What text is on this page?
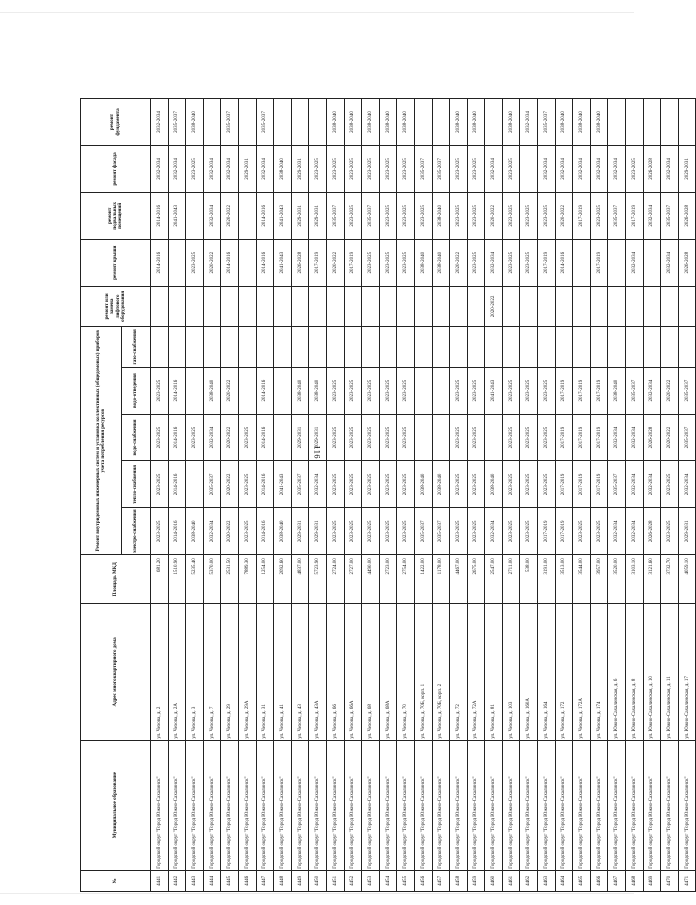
116
№	Муниципальное образование	Адрес многоквартирного дома	Площадь МКД	Ремонт внутридомовых инженерных систем и установка коллективных (общедомовых) приборов учета потребления ресурсов					ремонт или замена лифтового оборудования	ремонт крыши	ремонт подвальных помещений	ремонт фасада	ремонт фундамента
				электро-снабжения	тепло-снабжения	водо-снабжения	водо-отведения	газо-снабжения					
4441	Городской округ "Город Южно-Сахалинск"	ул. Чехова, д. 2	681.20	2023-2025	2023-2025	2023-2025	2023-2025			2014-2016	2014-2016	2032-2034	2032-2034
4442	Городской округ "Город Южно-Сахалинск"	ул. Чехова, д. 2А	1510.90	2014-2016	2014-2016	2014-2016	2014-2016				2041-2043	2032-2034	2035-2037
4443	Городской округ "Город Южно-Сахалинск"	ул. Чехова, д. 3	5235.40	2038-2040		2023-2025				2023-2025		2023-2025	2038-2040
4444	Городской округ "Город Южно-Сахалинск"	ул. Чехова, д. 7	5370.00	2032-2034	2035-2037	2032-2034	2038-2040			2020-2022	2032-2034	2032-2034	
4445	Городской округ "Город Южно-Сахалинск"	ул. Чехова, д. 29	2531.50	2020-2022	2020-2022	2020-2022	2020-2022			2014-2016	2020-2022	2032-2034	2035-2037
4446	Городской округ "Город Южно-Сахалинск"	ул. Чехова, д. 29А	7889.30	2023-2025	2023-2025	2023-2025						2029-2031	
4447	Городской округ "Город Южно-Сахалинск"	ул. Чехова, д. 31	1254.00	2014-2016	2014-2016	2014-2016	2014-2016			2014-2016	2014-2016	2032-2034	2035-2037
4448	Городской округ "Город Южно-Сахалинск"	ул. Чехова, д. 41	2092.60	2038-2040	2041-2043					2041-2043	2041-2043	2038-2040	
4449	Городской округ "Город Южно-Сахалинск"	ул. Чехова, д. 43	4837.00	2029-2031	2035-2037	2029-2031	2038-2040			2026-2028	2029-2031	2029-2031	
4450	Городской округ "Город Южно-Сахалинск"	ул. Чехова, д. 43А	5723.90	2029-2031	2032-2034	2029-2031	2038-2040			2017-2019	2029-2031	2023-2025	
4451	Городской округ "Город Южно-Сахалинск"	ул. Чехова, д. 66	2724.00	2023-2025	2023-2025	2023-2025	2023-2025			2020-2022	2035-2037	2023-2025	2038-2040
4452	Городской округ "Город Южно-Сахалинск"	ул. Чехова, д. 66А	2727.00	2023-2025	2023-2025	2023-2025	2023-2025			2017-2019	2023-2025	2023-2025	2038-2040
4453	Городской округ "Город Южно-Сахалинск"	ул. Чехова, д. 68	4490.00	2023-2025	2023-2025	2023-2025	2023-2025			2023-2025	2035-2037	2023-2025	2038-2040
4454	Городской округ "Город Южно-Сахалинск"	ул. Чехова, д. 68А	2723.00	2023-2025	2023-2025	2023-2025	2023-2025			2023-2025	2023-2025	2023-2025	2038-2040
4455	Городской округ "Город Южно-Сахалинск"	ул. Чехова, д. 70	2754.00	2023-2025	2023-2025	2023-2025	2023-2025			2023-2025	2023-2025	2023-2025	2038-2040
4456	Городской округ "Город Южно-Сахалинск"	ул. Чехова, д. 70Б, корп. 1	1422.00	2035-2037	2038-2040					2038-2040	2023-2025	2035-2037	
4457	Городской округ "Город Южно-Сахалинск"	ул. Чехова, д. 70Б, корп. 2	1178.00	2035-2037	2038-2040					2038-2040	2038-2040	2035-2037	
4458	Городской округ "Город Южно-Сахалинск"	ул. Чехова, д. 72	4467.00	2023-2025	2023-2025	2023-2025	2023-2025			2020-2022	2023-2025	2023-2025	2038-2040
4459	Городской округ "Город Южно-Сахалинск"	ул. Чехова, д. 72А	2675.00	2023-2025	2023-2025	2023-2025	2023-2025			2023-2025	2023-2025	2023-2025	2038-2040
4460	Городской округ "Город Южно-Сахалинск"	ул. Чехова, д. 81	2547.00	2032-2034	2038-2040		2041-2043		2020-2022	2032-2034	2020-2022	2032-2034	
4461	Городской округ "Город Южно-Сахалинск"	ул. Чехова, д. 103	2711.00	2023-2025	2023-2025	2023-2025	2023-2025			2023-2025	2023-2025	2023-2025	2038-2040
4462	Городской округ "Город Южно-Сахалинск"	ул. Чехова, д. 160А	538.00	2023-2025	2023-2025	2023-2025	2023-2025			2023-2025	2023-2025		2032-2034
4463	Городской округ "Город Южно-Сахалинск"	ул. Чехова, д. 164	3191.00	2017-2019	2023-2025	2023-2025	2023-2025			2017-2019	2023-2025	2032-2034	2035-2037
4464	Городской округ "Город Южно-Сахалинск"	ул. Чехова, д. 172	3513.00	2017-2019	2017-2019	2017-2019	2017-2019			2014-2016	2020-2022	2032-2034	2038-2040
4465	Городской округ "Город Южно-Сахалинск"	ул. Чехова, д. 172А	3544.00	2023-2025	2017-2019	2017-2019	2017-2019				2017-2019	2032-2034	2038-2040
4466	Городской округ "Город Южно-Сахалинск"	ул. Чехова, д. 174	3957.00	2023-2025	2017-2019	2017-2019	2017-2019			2017-2019	2023-2025	2032-2034	2038-2040
4467	Городской округ "Город Южно-Сахалинск"	ул. Южно-Сахалинская, д. 6	3520.00	2032-2034	2035-2037	2032-2034	2038-2040				2035-2037	2032-2034	
4468	Городской округ "Город Южно-Сахалинск"	ул. Южно-Сахалинская, д. 8	3103.10	2032-2034	2032-2034	2032-2034	2035-2037			2032-2034	2017-2019	2023-2025	
4469	Городской округ "Город Южно-Сахалинск"	ул. Южно-Сахалинская, д. 10	3121.60	2026-2028	2032-2034	2026-2028	2032-2034				2032-2034	2026-2028	
4470	Городской округ "Город Южно-Сахалинск"	ул. Южно-Сахалинская, д. 11	3732.70	2023-2025	2023-2025	2020-2022	2020-2022			2032-2034	2035-2037	2032-2034	
4471	Городской округ "Город Южно-Сахалинск"	ул. Южно-Сахалинская, д. 17	4059.10	2029-2031	2032-2034	2035-2037	2035-2037			2026-2028	2026-2028	2029-2031	
